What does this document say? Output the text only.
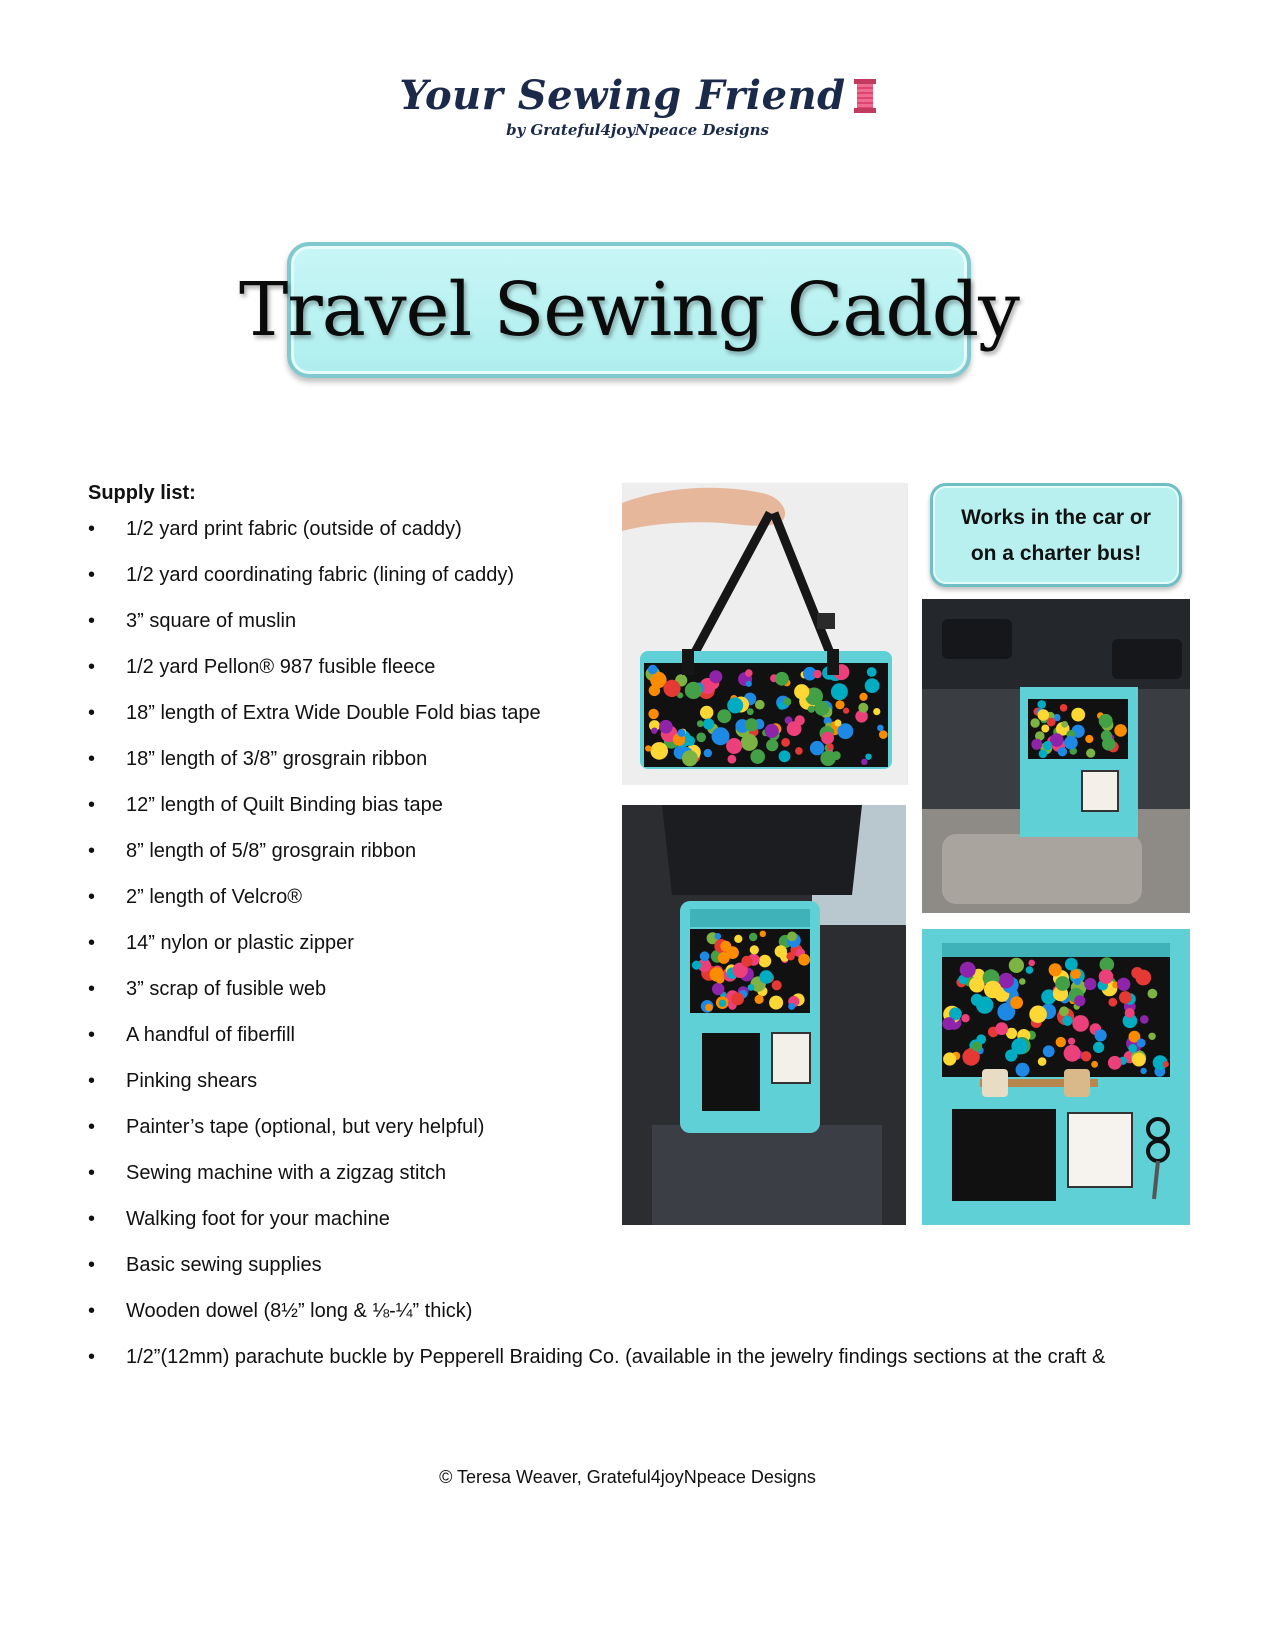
Your Sewing Friend
by Grateful4joyNpeace Designs
Travel Sewing Caddy
Supply list:
• 1/2 yard print fabric (outside of caddy)
• 1/2 yard coordinating fabric (lining of caddy)
• 3” square of muslin
• 1/2 yard Pellon® 987 fusible fleece
• 18” length of Extra Wide Double Fold bias tape
• 18” length of 3/8” grosgrain ribbon
• 12” length of Quilt Binding bias tape
• 8” length of 5/8” grosgrain ribbon
• 2” length of Velcro®
• 14” nylon or plastic zipper
• 3” scrap of fusible web
• A handful of fiberfill
• Pinking shears
• Painter’s tape (optional, but very helpful)
• Sewing machine with a zigzag stitch
• Walking foot for your machine
• Basic sewing supplies
• Wooden dowel (8½” long & ⅛-¼” thick)
• 1/2”(12mm) parachute buckle by Pepperell Braiding Co. (available in the jewelry findings sections at the craft &
Works in the car or
on a charter bus!
© Teresa Weaver, Grateful4joyNpeace Designs
